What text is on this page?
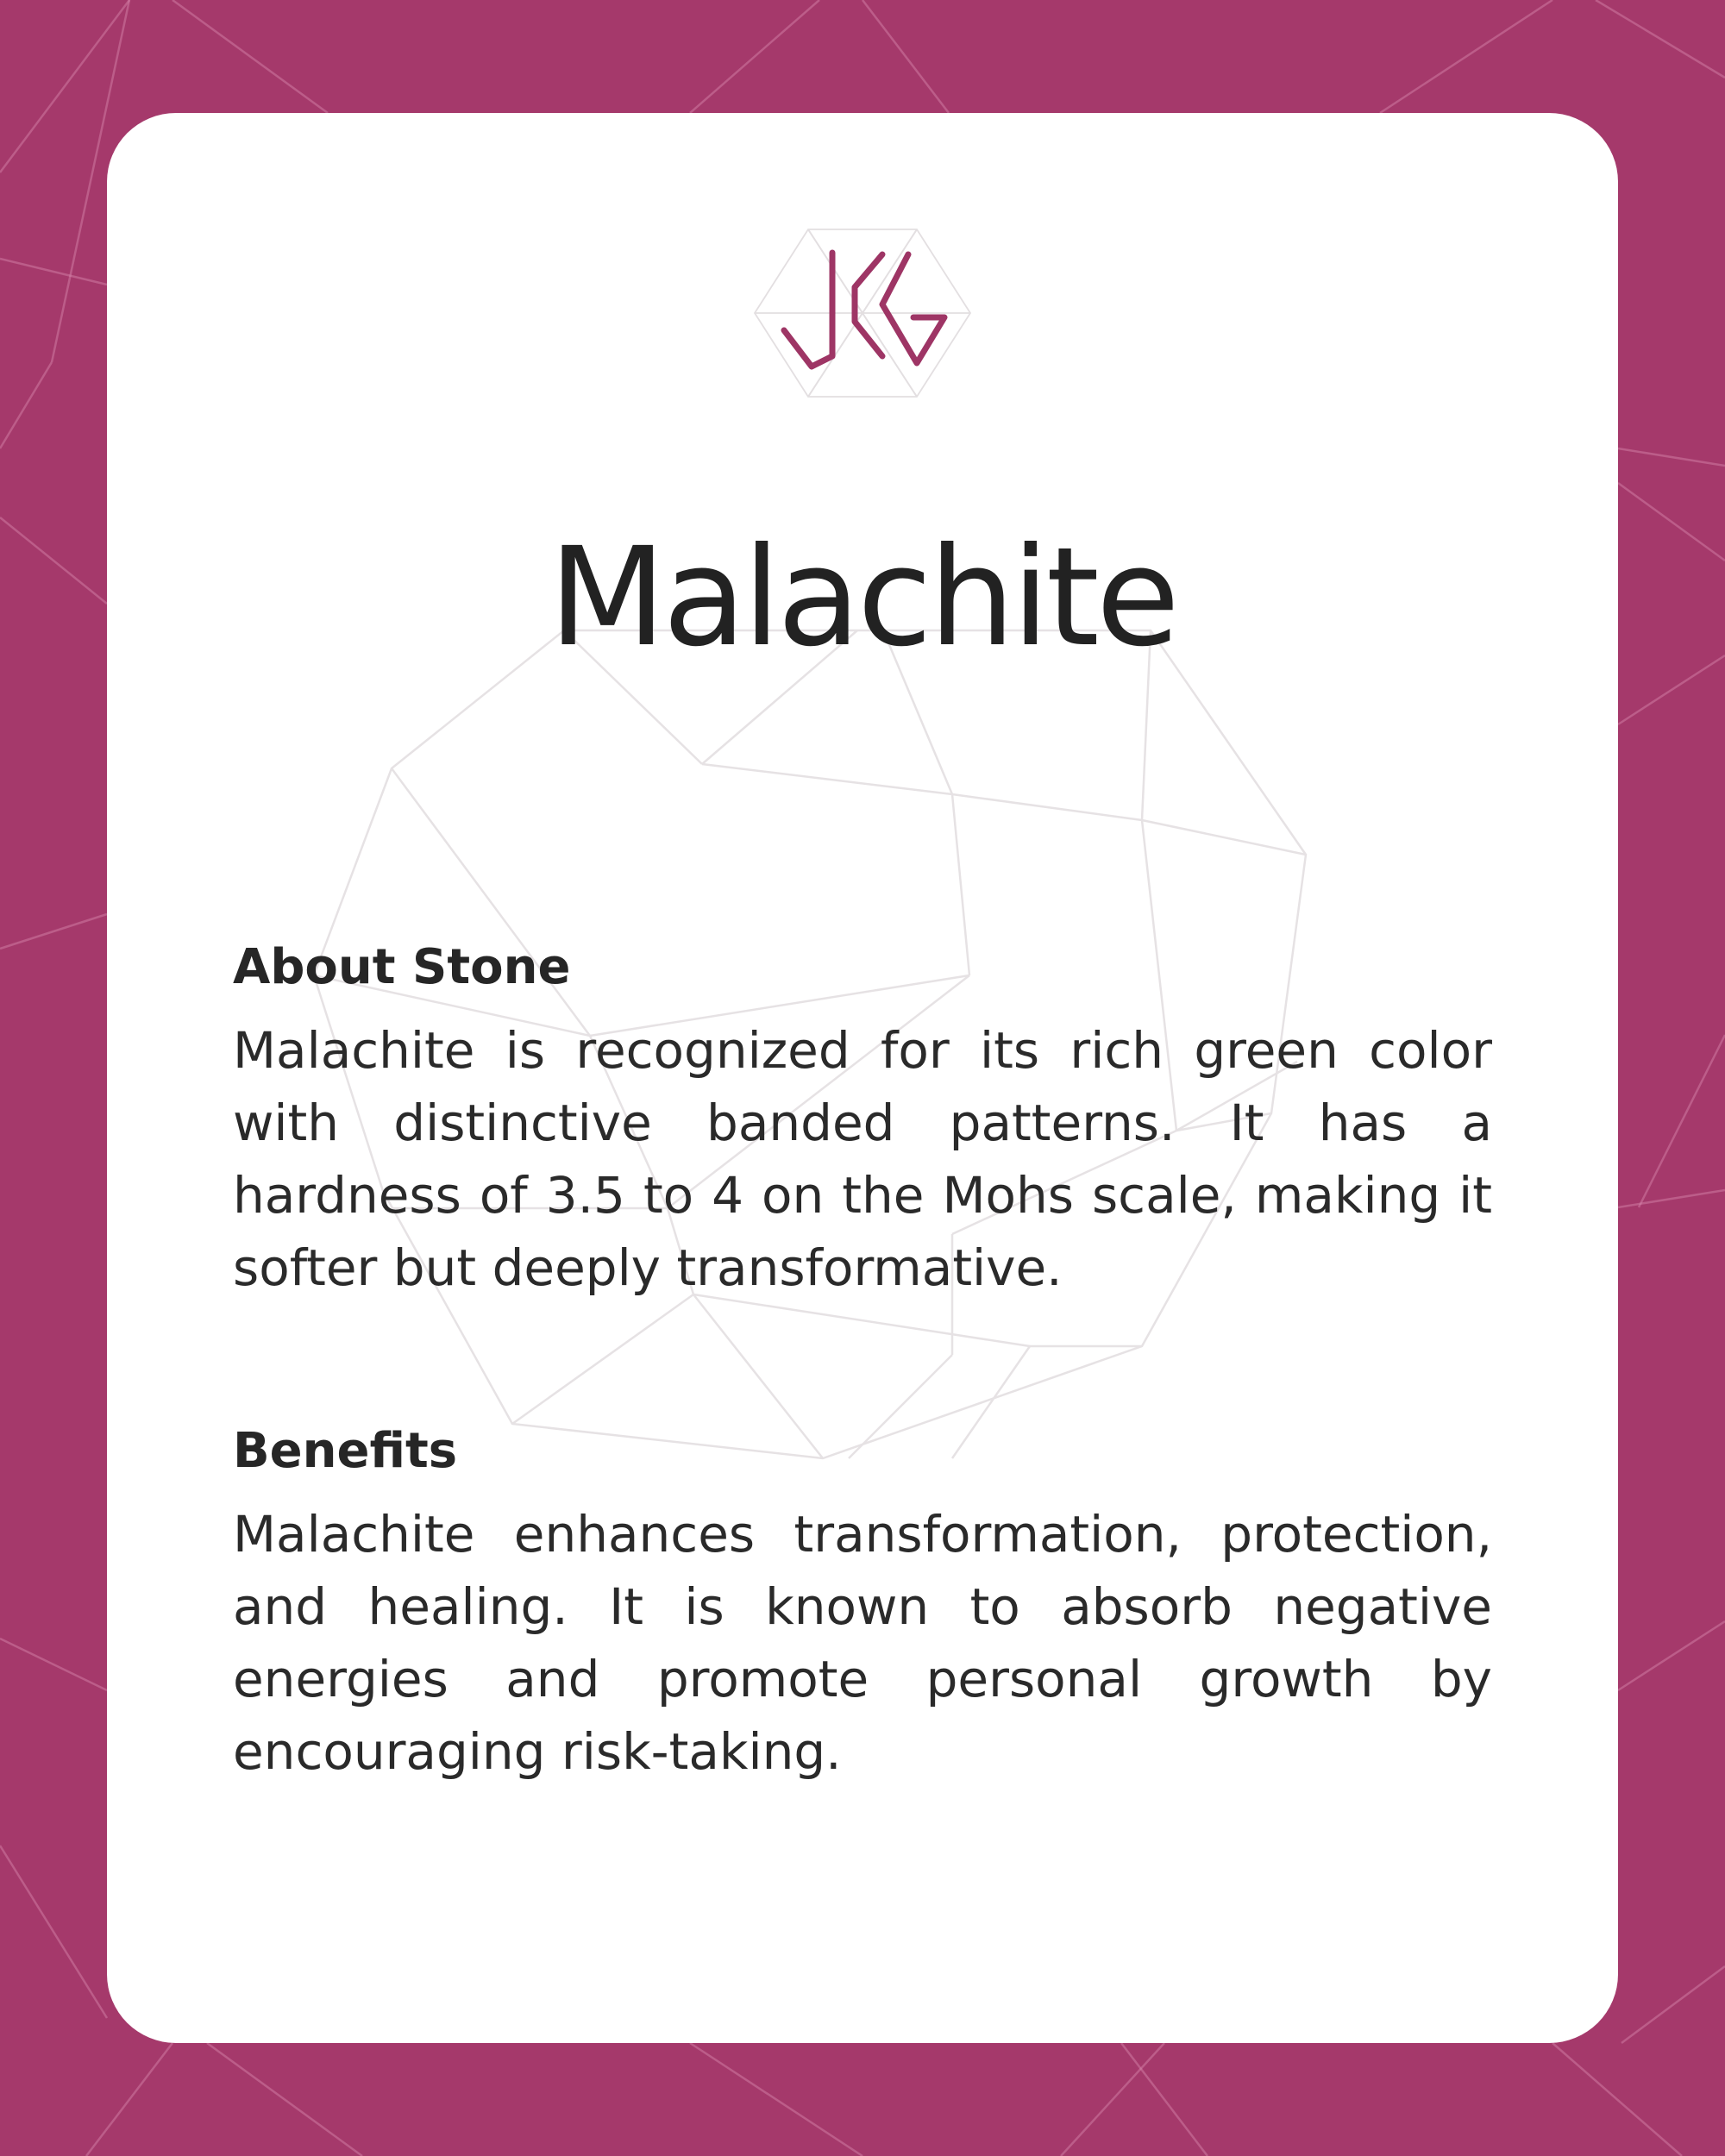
Malachite
About Stone

Malachite is recognized for its rich green color with distinctive banded patterns. It has a hardness of 3.5 to 4 on the Mohs scale, making it softer but deeply transformative.

Benefits

Malachite enhances transformation, protection, and healing. It is known to absorb negative energies and promote personal growth by encouraging risk-taking.
